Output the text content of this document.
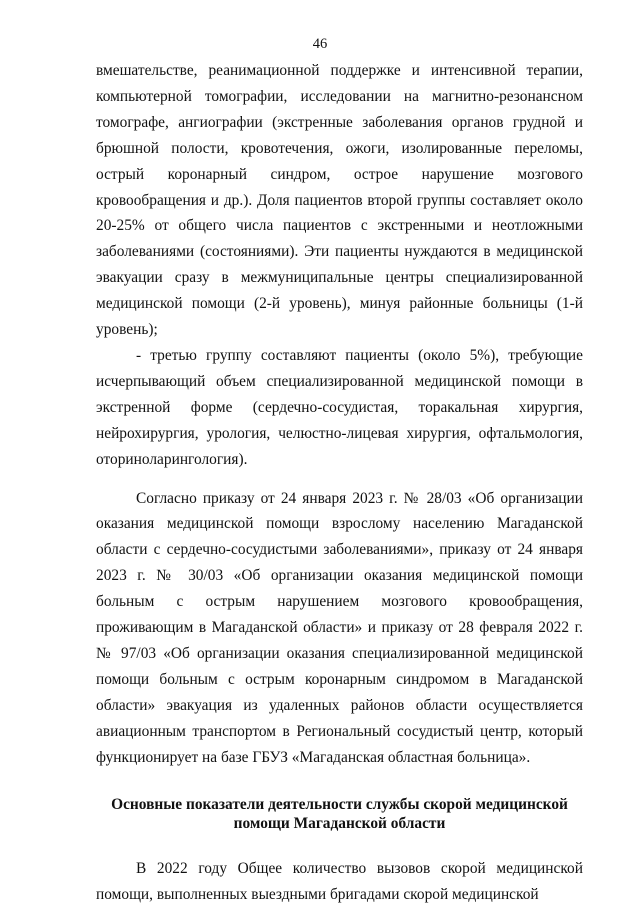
46

вмешательстве, реанимационной поддержке и интенсивной терапии, компьютерной томографии, исследовании на магнитно-резонансном томографе, ангиографии (экстренные заболевания органов грудной и брюшной полости, кровотечения, ожоги, изолированные переломы, острый коронарный синдром, острое нарушение мозгового кровообращения и др.). Доля пациентов второй группы составляет около 20-25% от общего числа пациентов с экстренными и неотложными заболеваниями (состояниями). Эти пациенты нуждаются в медицинской эвакуации сразу в межмуниципальные центры специализированной медицинской помощи (2-й уровень), минуя районные больницы (1-й уровень);

- третью группу составляют пациенты (около 5%), требующие исчерпывающий объем специализированной медицинской помощи в экстренной форме (сердечно-сосудистая, торакальная хирургия, нейрохирургия, урология, челюстно-лицевая хирургия, офтальмология, оториноларингология).

Согласно приказу от 24 января 2023 г. № 28/03 «Об организации оказания медицинской помощи взрослому населению Магаданской области с сердечно-сосудистыми заболеваниями», приказу от 24 января 2023 г. № 30/03 «Об организации оказания медицинской помощи больным с острым нарушением мозгового кровообращения, проживающим в Магаданской области» и приказу от 28 февраля 2022 г. № 97/03 «Об организации оказания специализированной медицинской помощи больным с острым коронарным синдромом в Магаданской области» эвакуация из удаленных районов области осуществляется авиационным транспортом в Региональный сосудистый центр, который функционирует на базе ГБУЗ «Магаданская областная больница».

Основные показатели деятельности службы скорой медицинской
помощи Магаданской области

В 2022 году Общее количество вызовов скорой медицинской помощи, выполненных выездными бригадами скорой медицинской
